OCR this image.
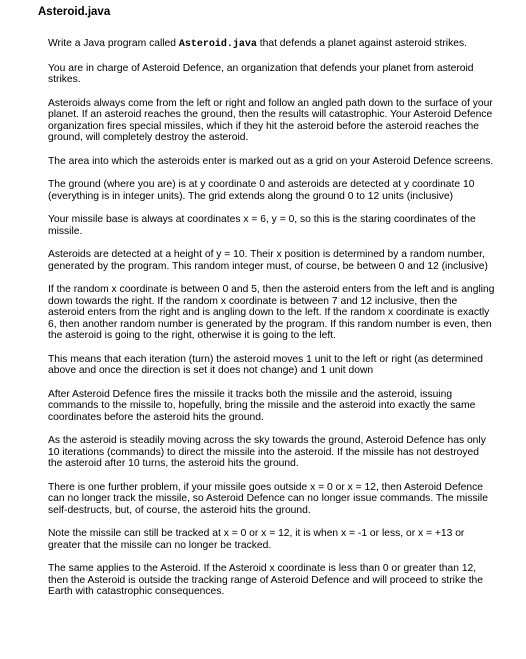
Asteroid.java

Write a Java program called Asteroid.java that defends a planet against asteroid strikes.

You are in charge of Asteroid Defence, an organization that defends your planet from asteroid strikes.

Asteroids always come from the left or right and follow an angled path down to the surface of your planet. If an asteroid reaches the ground, then the results will catastrophic. Your Asteroid Defence organization fires special missiles, which if they hit the asteroid before the asteroid reaches the ground, will completely destroy the asteroid.

The area into which the asteroids enter is marked out as a grid on your Asteroid Defence screens.

The ground (where you are) is at y coordinate 0 and asteroids are detected at y coordinate 10 (everything is in integer units). The grid extends along the ground 0 to 12 units (inclusive)

Your missile base is always at coordinates x = 6, y = 0, so this is the staring coordinates of the missile.

Asteroids are detected at a height of y = 10. Their x position is determined by a random number, generated by the program. This random integer must, of course, be between 0 and 12 (inclusive)

If the random x coordinate is between 0 and 5, then the asteroid enters from the left and is angling down towards the right. If the random x coordinate is between 7 and 12 inclusive, then the asteroid enters from the right and is angling down to the left. If the random x coordinate is exactly 6, then another random number is generated by the program. If this random number is even, then the asteroid is going to the right, otherwise it is going to the left.

This means that each iteration (turn) the asteroid moves 1 unit to the left or right (as determined above and once the direction is set it does not change) and 1 unit down

After Asteroid Defence fires the missile it tracks both the missile and the asteroid, issuing commands to the missile to, hopefully, bring the missile and the asteroid into exactly the same coordinates before the asteroid hits the ground.

As the asteroid is steadily moving across the sky towards the ground, Asteroid Defence has only 10 iterations (commands) to direct the missile into the asteroid. If the missile has not destroyed the asteroid after 10 turns, the asteroid hits the ground.

There is one further problem, if your missile goes outside x = 0 or x = 12, then Asteroid Defence can no longer track the missile, so Asteroid Defence can no longer issue commands. The missile self-destructs, but, of course, the asteroid hits the ground.

Note the missile can still be tracked at x = 0 or x = 12, it is when x = -1 or less, or x = +13 or greater that the missile can no longer be tracked.

The same applies to the Asteroid. If the Asteroid x coordinate is less than 0 or greater than 12, then the Asteroid is outside the tracking range of Asteroid Defence and will proceed to strike the Earth with catastrophic consequences.
